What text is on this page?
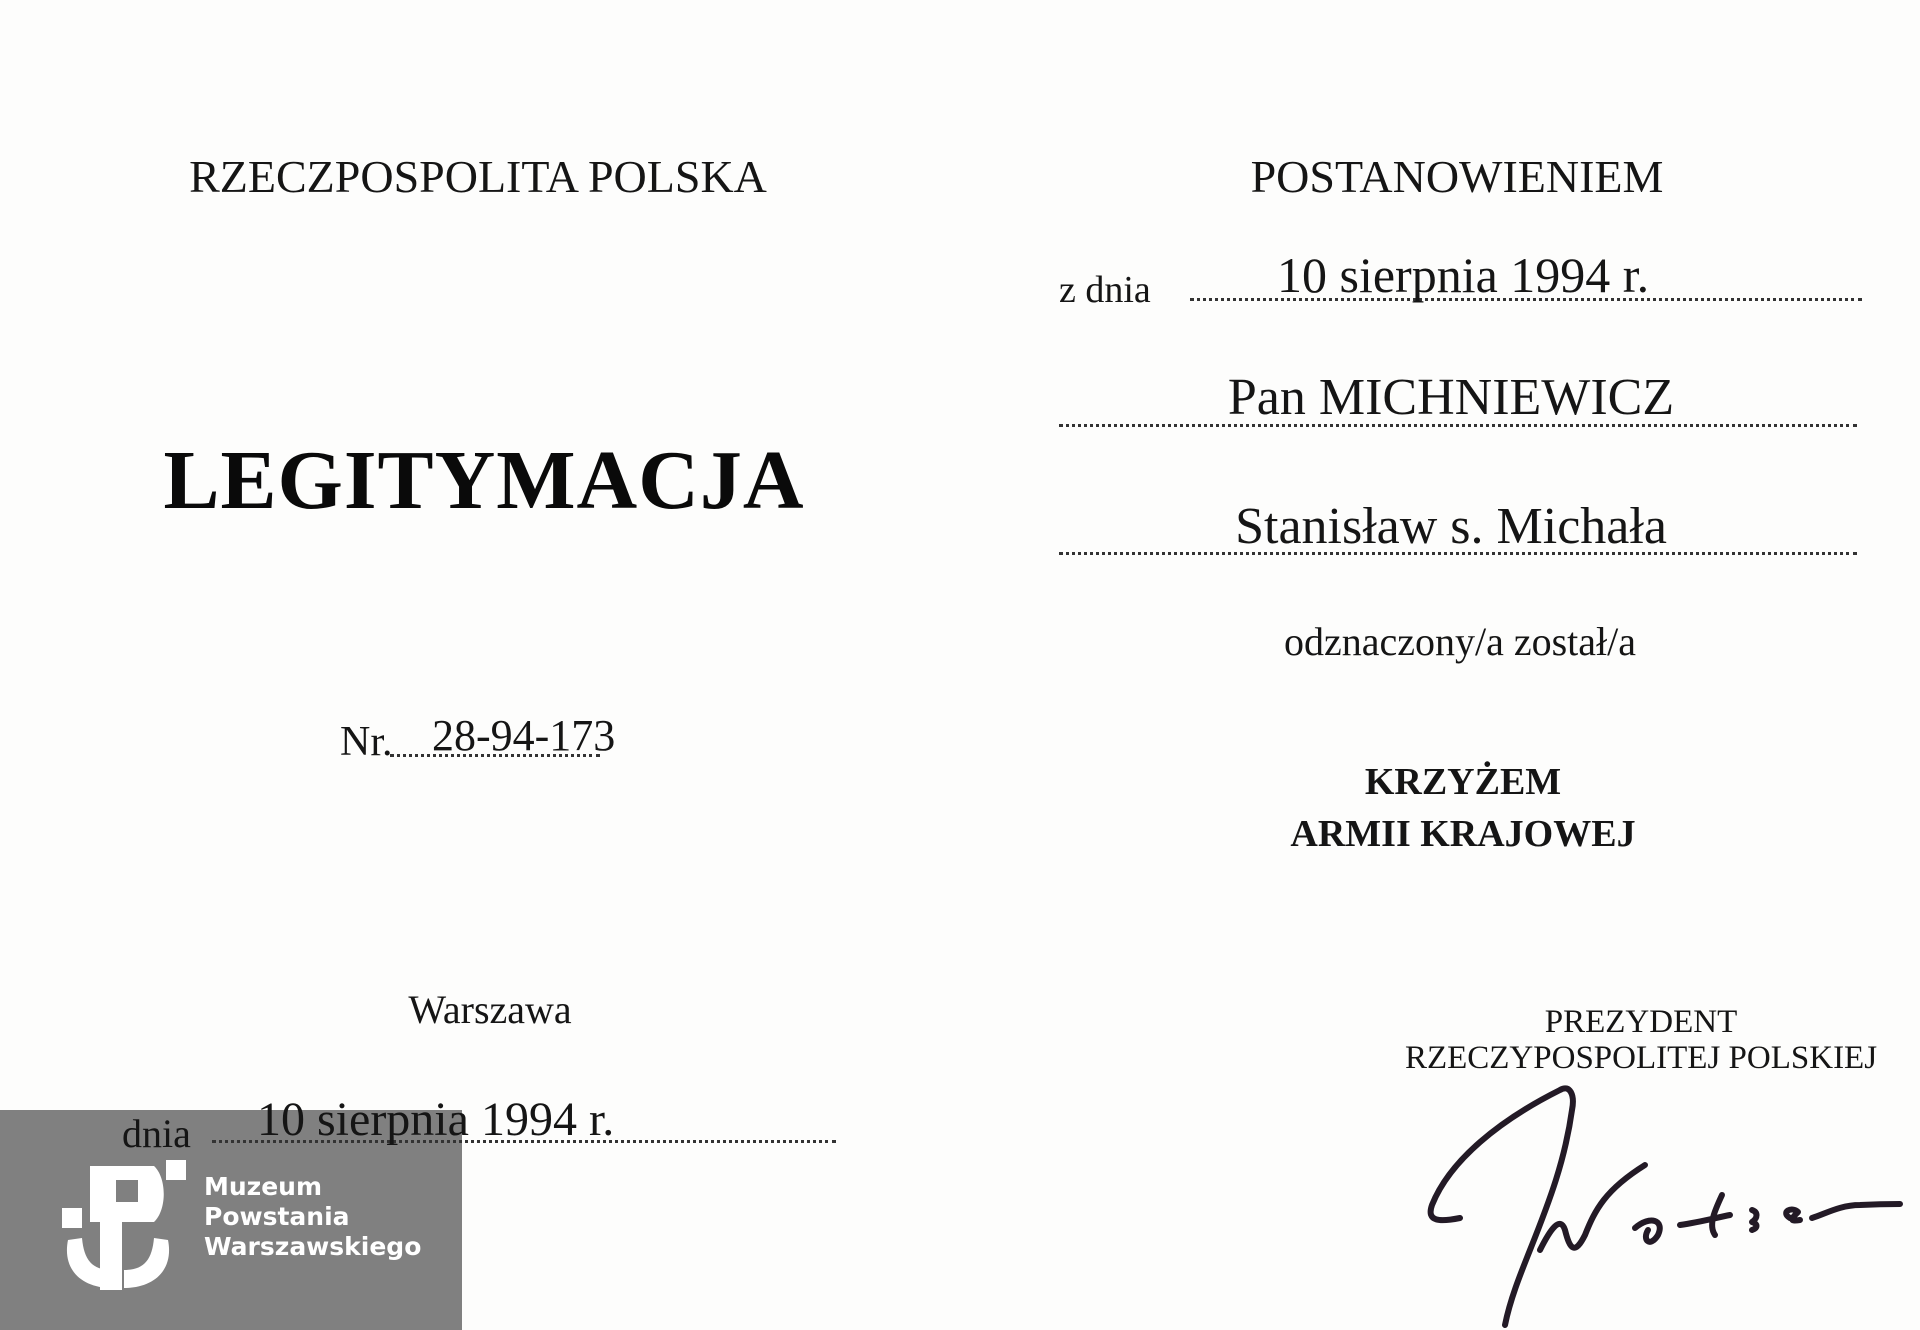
RZECZPOSPOLITA POLSKA
LEGITYMACJA
Nr. 28-94-173
Warszawa
dnia 10 sierpnia 1994 r.
POSTANOWIENIEM
z dnia	10 sierpnia 1994 r.
Pan MICHNIEWICZ
Stanisław s. Michała
odznaczony/a został/a
KRZYŻEM
ARMII KRAJOWEJ
PREZYDENT
RZECZYPOSPOLITEJ POLSKIEJ
Muzeum
Powstania
Warszawskiego
